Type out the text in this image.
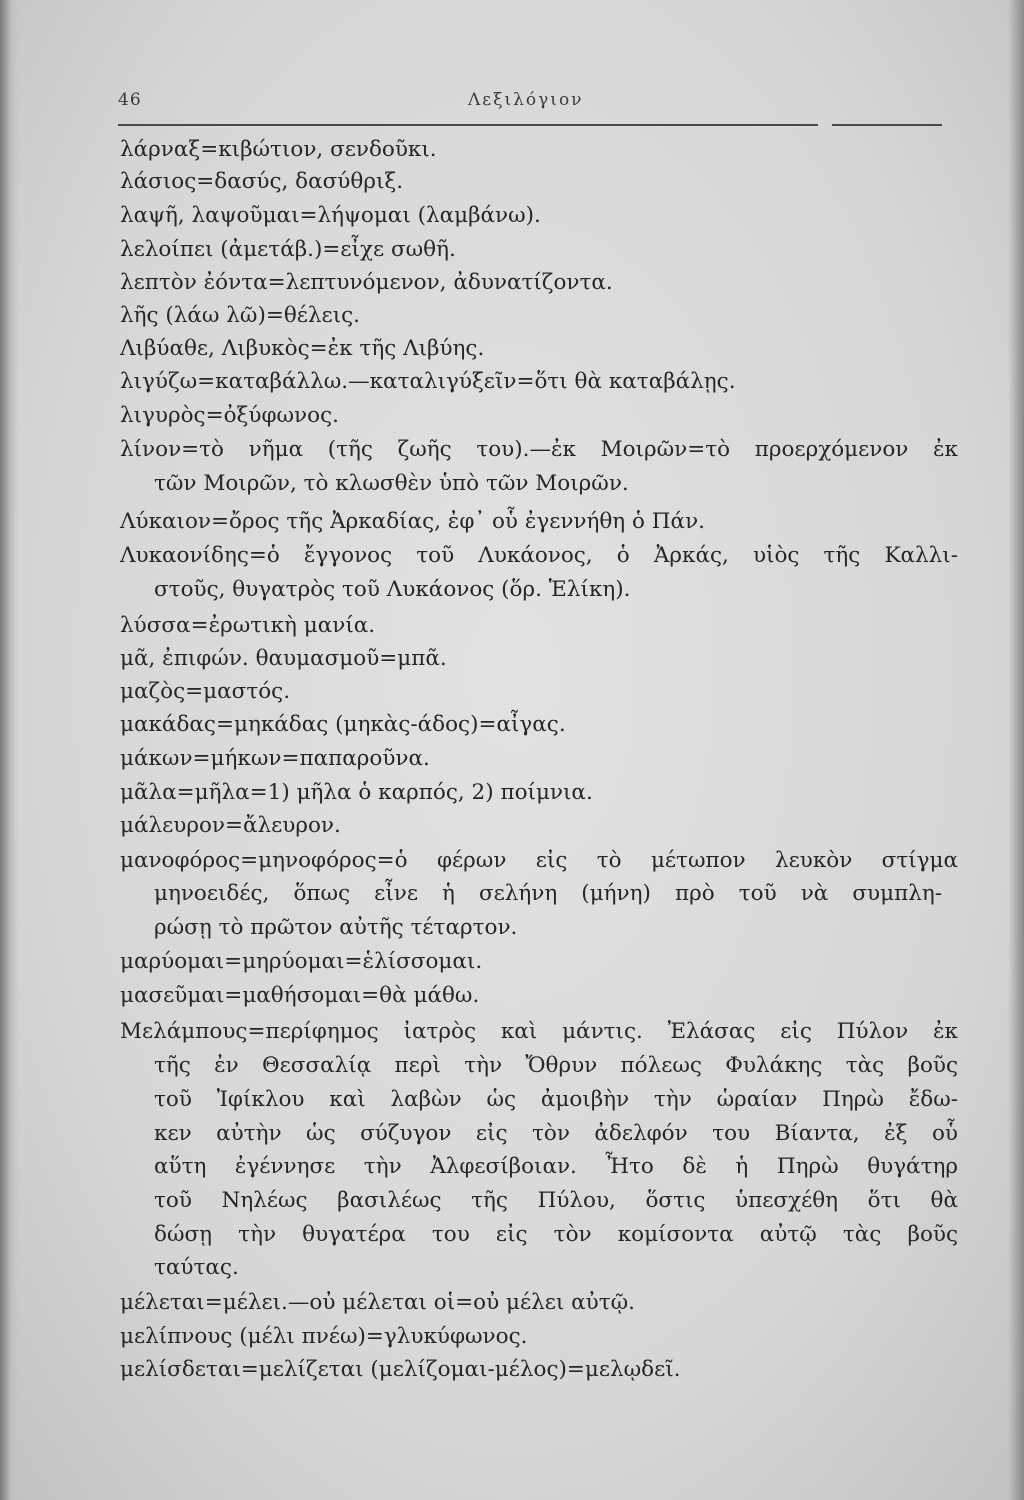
46	Λεξιλόγιον
λάρναξ=κιβώτιον, σενδοῦκι.
λάσιος=δασύς, δασύθριξ.
λαψῆ, λαψοῦμαι=λήψομαι (λαμβάνω).
λελοίπει (ἀμετάβ.)=εἶχε σωθῆ.
λεπτὸν ἐόντα=λεπτυνόμενον, ἀδυνατίζοντα.
λῆς (λάω λῶ)=θέλεις.
Λιβύαθε, Λιβυκὸς=ἐκ τῆς Λιβύης.
λιγύζω=καταβάλλω.—καταλιγύξεῖν=ὅτι θὰ καταβάλῃς.
λιγυρὸς=ὀξύφωνος.
λίνον=τὸ νῆμα (τῆς ζωῆς του).—ἐκ Μοιρῶν=τὸ προερχόμενον ἐκ
τῶν Μοιρῶν, τὸ κλωσθὲν ὑπὸ τῶν Μοιρῶν.
Λύκαιον=ὄρος τῆς Ἀρκαδίας, ἐφ᾽ οὗ ἐγεννήθη ὁ Πάν.
Λυκαονίδης=ὁ ἔγγονος τοῦ Λυκάονος, ὁ Ἀρκάς, υἱὸς τῆς Καλλι-
στοῦς, θυγατρὸς τοῦ Λυκάονος (ὅρ. Ἑλίκη).
λύσσα=ἐρωτικὴ μανία.
μᾶ, ἐπιφών. θαυμασμοῦ=μπᾶ.
μαζὸς=μαστός.
μακάδας=μηκάδας (μηκὰς-άδος)=αἶγας.
μάκων=μήκων=παπαροῦνα.
μᾶλα=μῆλα=1) μῆλα ὁ καρπός, 2) ποίμνια.
μάλευρον=ἄλευρον.
μανοφόρος=μηνοφόρος=ὁ φέρων εἰς τὸ μέτωπον λευκὸν στίγμα
μηνοειδές, ὅπως εἶνε ἡ σελήνη (μήνη) πρὸ τοῦ νὰ συμπλη-
ρώσῃ τὸ πρῶτον αὐτῆς τέταρτον.
μαρύομαι=μηρύομαι=ἑλίσσομαι.
μασεῦμαι=μαθήσομαι=θὰ μάθω.
Μελάμπους=περίφημος ἰατρὸς καὶ μάντις. Ἐλάσας εἰς Πύλον ἐκ
τῆς ἐν Θεσσαλίᾳ περὶ τὴν Ὄθρυν πόλεως Φυλάκης τὰς βοῦς
τοῦ Ἰφίκλου καὶ λαβὼν ὡς ἀμοιβὴν τὴν ὡραίαν Πηρὼ ἔδω-
κεν αὐτὴν ὡς σύζυγον εἰς τὸν ἀδελφόν του Βίαντα, ἐξ οὗ
αὕτη ἐγέννησε τὴν Ἀλφεσίβοιαν. Ἦτο δὲ ἡ Πηρὼ θυγάτηρ
τοῦ Νηλέως βασιλέως τῆς Πύλου, ὅστις ὑπεσχέθη ὅτι θὰ
δώσῃ τὴν θυγατέρα του εἰς τὸν κομίσοντα αὐτῷ τὰς βοῦς
ταύτας.
μέλεται=μέλει.—οὐ μέλεται οἱ=οὐ μέλει αὐτῷ.
μελίπνους (μέλι πνέω)=γλυκύφωνος.
μελίσδεται=μελίζεται (μελίζομαι-μέλος)=μελῳδεῖ.
